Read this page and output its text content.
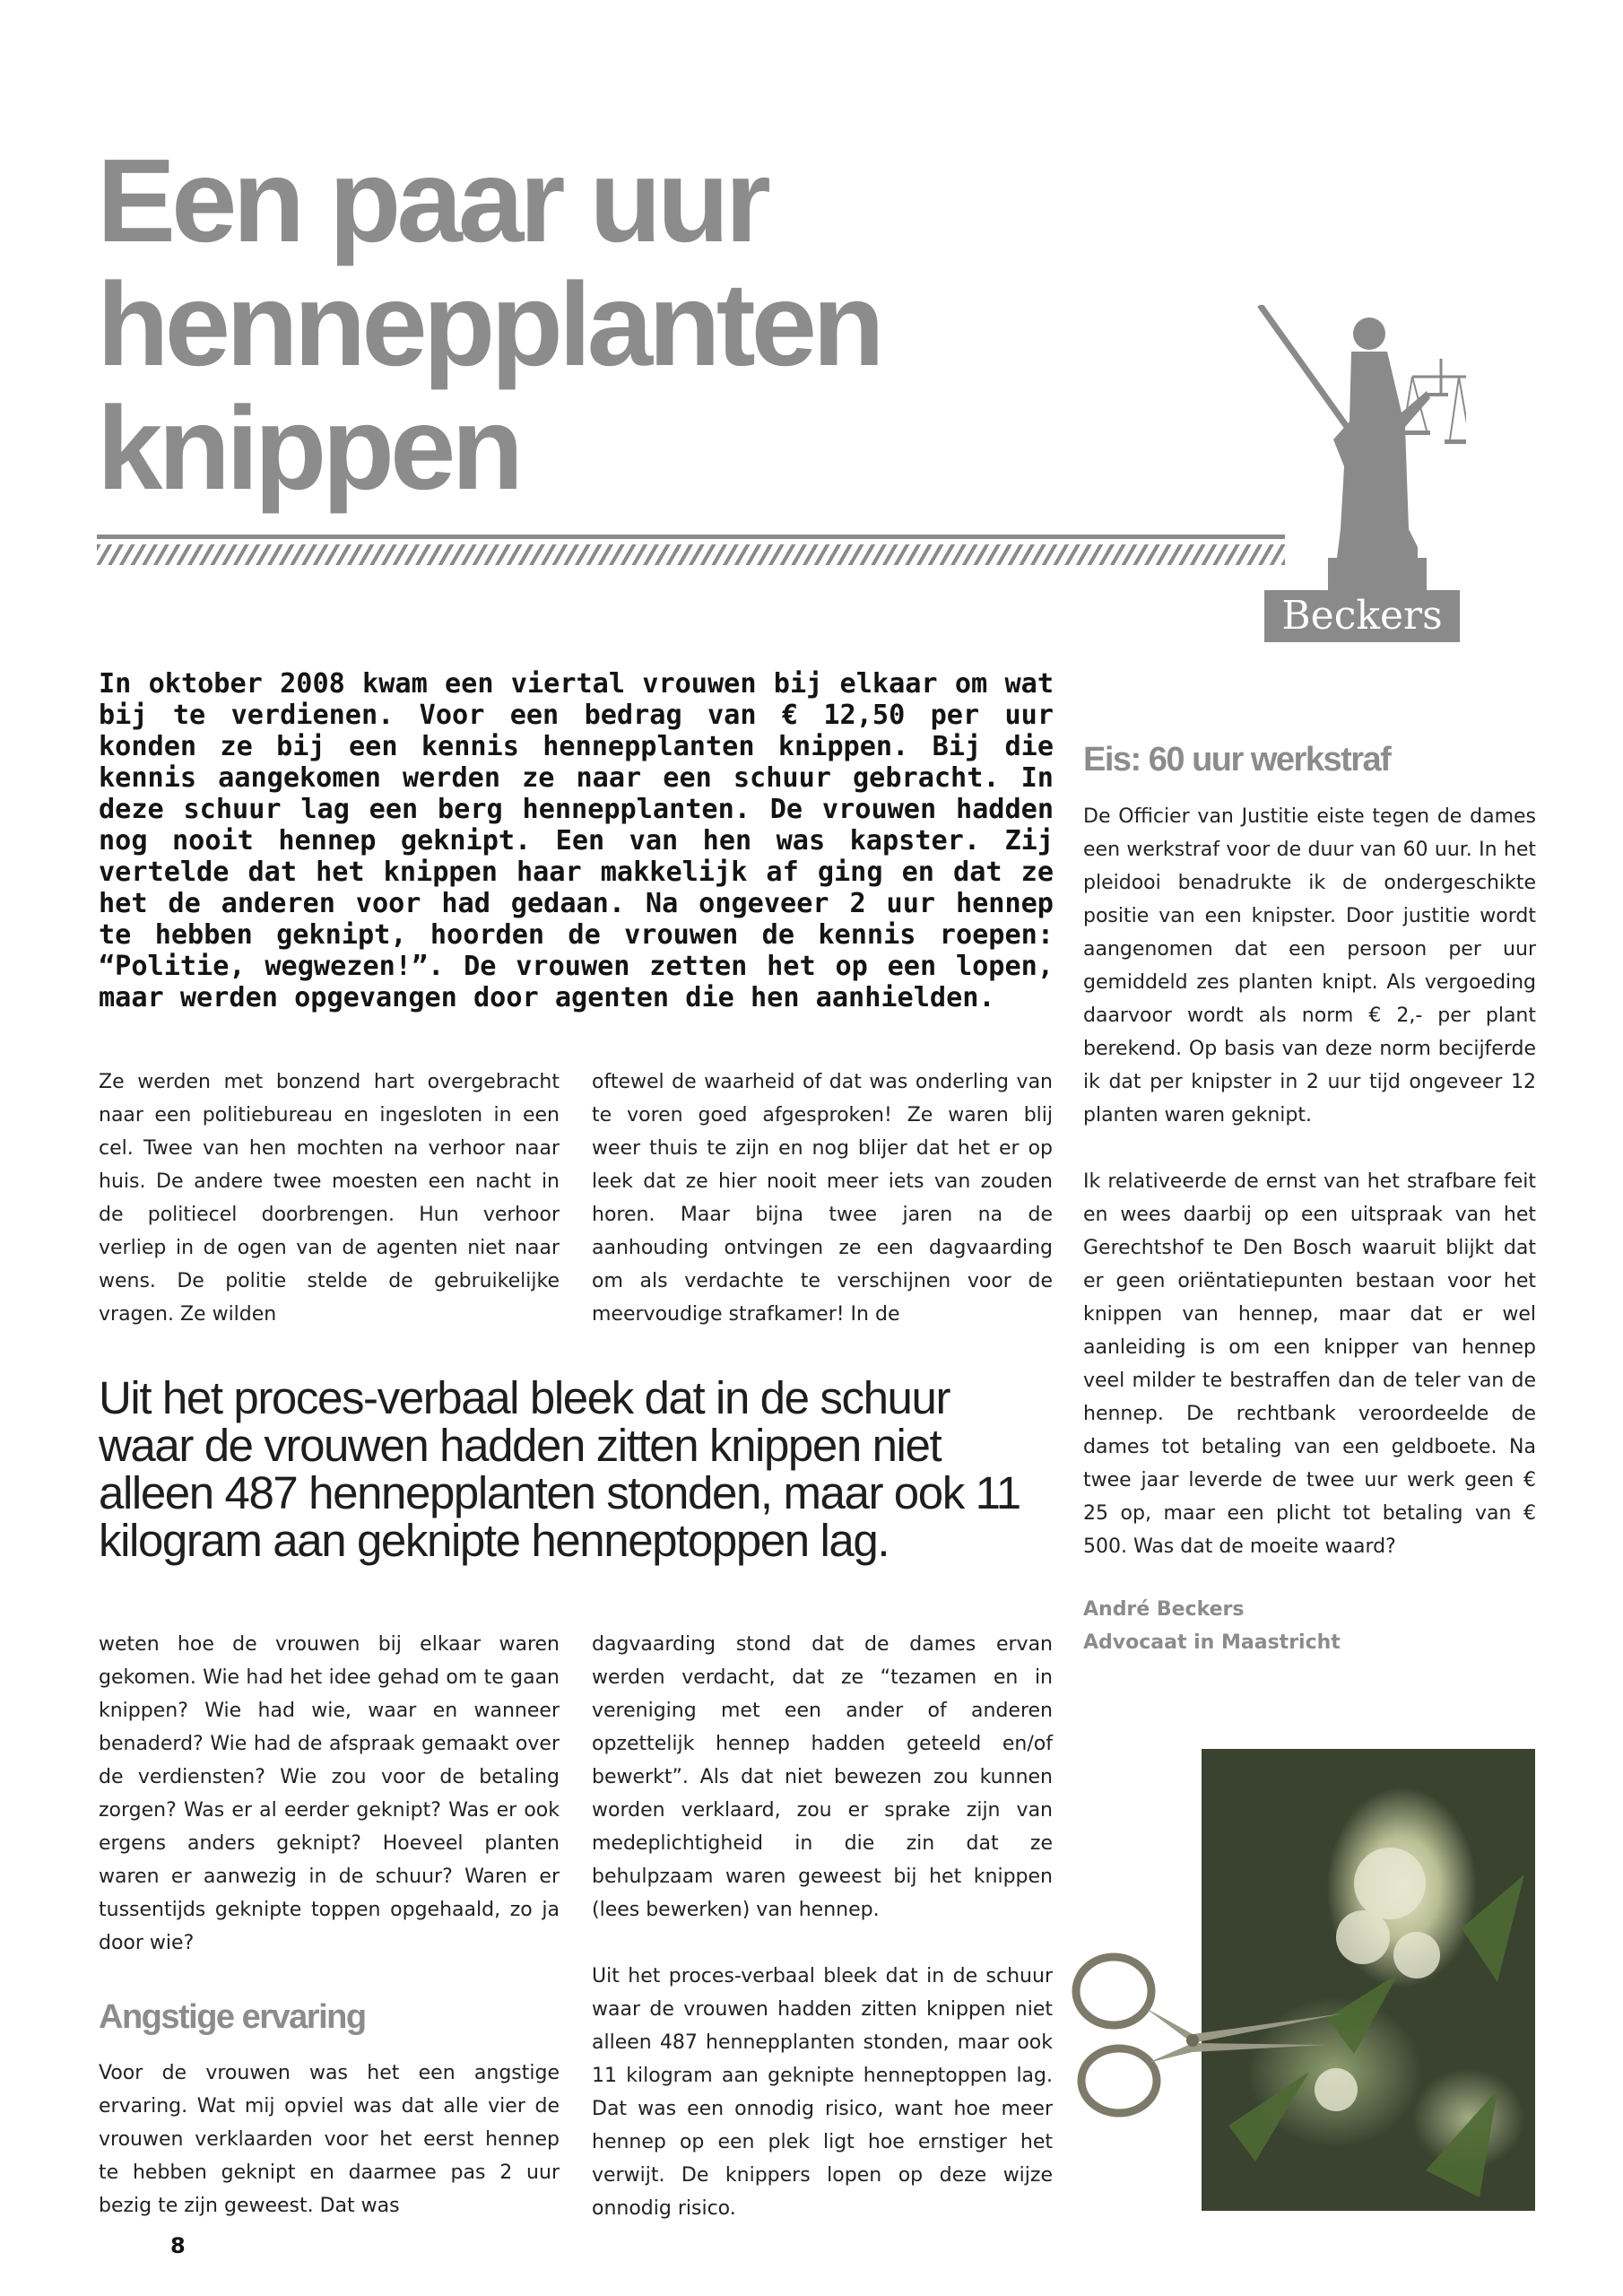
Een paar uur
hennepplanten
knippen
Beckers

In oktober 2008 kwam een viertal vrouwen bij elkaar om wat bij te verdienen. Voor een bedrag van € 12,50 per uur konden ze bij een kennis hennepplanten knippen. Bij die kennis aangekomen werden ze naar een schuur gebracht. In deze schuur lag een berg hennepplanten. De vrouwen hadden nog nooit hennep geknipt. Een van hen was kapster. Zij vertelde dat het knippen haar makkelijk af ging en dat ze het de anderen voor had gedaan. Na ongeveer 2 uur hennep te hebben geknipt, hoorden de vrouwen de kennis roepen: “Politie, wegwezen!”. De vrouwen zetten het op een lopen, maar werden opgevangen door agenten die hen aanhielden.

Ze werden met bonzend hart overgebracht naar een politiebureau en ingesloten in een cel. Twee van hen mochten na verhoor naar huis. De andere twee moesten een nacht in de politiecel doorbrengen. Hun verhoor verliep in de ogen van de agenten niet naar wens. De politie stelde de gebruikelijke vragen. Ze wilden

oftewel de waarheid of dat was onderling van te voren goed afgesproken! Ze waren blij weer thuis te zijn en nog blijer dat het er op leek dat ze hier nooit meer iets van zouden horen. Maar bijna twee jaren na de aanhouding ontvingen ze een dagvaarding om als verdachte te verschijnen voor de meervoudige strafkamer! In de

Uit het proces-verbaal bleek dat in de schuur waar de vrouwen hadden zitten knippen niet alleen 487 hennepplanten stonden, maar ook 11 kilogram aan geknipte henneptoppen lag.

weten hoe de vrouwen bij elkaar waren gekomen. Wie had het idee gehad om te gaan knippen? Wie had wie, waar en wanneer benaderd? Wie had de afspraak gemaakt over de verdiensten? Wie zou voor de betaling zorgen? Was er al eerder geknipt? Was er ook ergens anders geknipt? Hoeveel planten waren er aanwezig in de schuur? Waren er tussentijds geknipte toppen opgehaald, zo ja door wie?

Angstige ervaring

Voor de vrouwen was het een angstige ervaring. Wat mij opviel was dat alle vier de vrouwen verklaarden voor het eerst hennep te hebben geknipt en daarmee pas 2 uur bezig te zijn geweest. Dat was

dagvaarding stond dat de dames ervan werden verdacht, dat ze “tezamen en in vereniging met een ander of anderen opzettelijk hennep hadden geteeld en/of bewerkt”. Als dat niet bewezen zou kunnen worden verklaard, zou er sprake zijn van medeplichtigheid in die zin dat ze behulpzaam waren geweest bij het knippen (lees bewerken) van hennep.

Uit het proces-verbaal bleek dat in de schuur waar de vrouwen hadden zitten knippen niet alleen 487 hennepplanten stonden, maar ook 11 kilogram aan geknipte henneptoppen lag. Dat was een onnodig risico, want hoe meer hennep op een plek ligt hoe ernstiger het verwijt. De knippers lopen op deze wijze onnodig risico.

Eis: 60 uur werkstraf

De Officier van Justitie eiste tegen de dames een werkstraf voor de duur van 60 uur. In het pleidooi benadrukte ik de ondergeschikte positie van een knipster. Door justitie wordt aangenomen dat een persoon per uur gemiddeld zes planten knipt. Als vergoeding daarvoor wordt als norm € 2,- per plant berekend. Op basis van deze norm becijferde ik dat per knipster in 2 uur tijd ongeveer 12 planten waren geknipt.

Ik relativeerde de ernst van het strafbare feit en wees daarbij op een uitspraak van het Gerechtshof te Den Bosch waaruit blijkt dat er geen oriëntatiepunten bestaan voor het knippen van hennep, maar dat er wel aanleiding is om een knipper van hennep veel milder te bestraffen dan de teler van de hennep. De rechtbank veroordeelde de dames tot betaling van een geldboete. Na twee jaar leverde de twee uur werk geen € 25 op, maar een plicht tot betaling van € 500. Was dat de moeite waard?

André Beckers
Advocaat in Maastricht
8
